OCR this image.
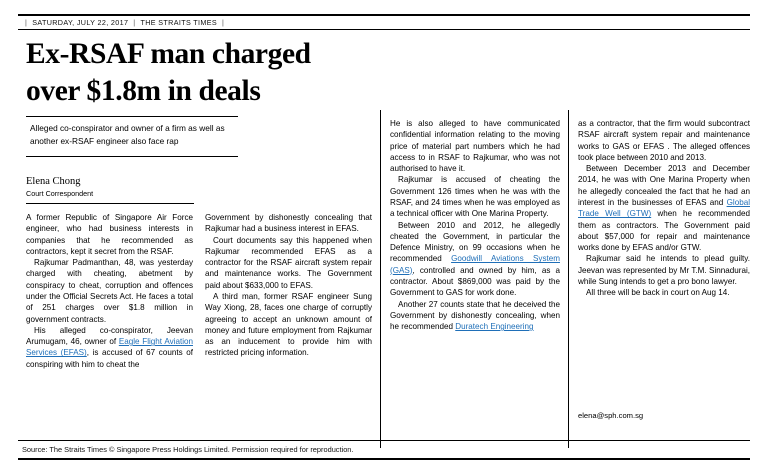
| SATURDAY, JULY 22, 2017 | THE STRAITS TIMES |
Ex-RSAF man charged
over $1.8m in deals
Alleged co-conspirator and owner of a firm as well as another ex-RSAF engineer also face rap
Elena Chong
Court Correspondent

A former Republic of Singapore Air Force engineer, who had business interests in companies that he recommended as contractors, kept it secret from the RSAF.

Rajkumar Padmanthan, 48, was yesterday charged with cheating, abetment by conspiracy to cheat, corruption and offences under the Official Secrets Act. He faces a total of 251 charges over $1.8 million in government contracts.

His alleged co-conspirator, Jeevan Arumugam, 46, owner of Eagle Flight Aviation Services (EFAS), is accused of 67 counts of conspiring with him to cheat the

Government by dishonestly concealing that Rajkumar had a business interest in EFAS.

Court documents say this happened when Rajkumar recommended EFAS as a contractor for the RSAF aircraft system repair and maintenance works. The Government paid about $633,000 to EFAS.

A third man, former RSAF engineer Sung Way Xiong, 28, faces one charge of corruptly agreeing to accept an unknown amount of money and future employment from Rajkumar as an inducement to provide him with restricted pricing information.

He is also alleged to have communicated confidential information relating to the moving price of material part numbers which he had access to in RSAF to Rajkumar, who was not authorised to have it.

Rajkumar is accused of cheating the Government 126 times when he was with the RSAF, and 24 times when he was employed as a technical officer with One Marina Property.

Between 2010 and 2012, he allegedly cheated the Government, in particular the Defence Ministry, on 99 occasions when he recommended Goodwill Aviations System (GAS), controlled and owned by him, as a contractor. About $869,000 was paid by the Government to GAS for work done.

Another 27 counts state that he deceived the Government by dishonestly concealing, when he recommended Duratech Engineering

as a contractor, that the firm would subcontract RSAF aircraft system repair and maintenance works to GAS or EFAS . The alleged offences took place between 2010 and 2013.

Between December 2013 and December 2014, he was with One Marina Property when he allegedly concealed the fact that he had an interest in the businesses of EFAS and Global Trade Well (GTW) when he recommended them as contractors. The Government paid about $57,000 for repair and maintenance works done by EFAS and/or GTW.

Rajkumar said he intends to plead guilty. Jeevan was represented by Mr T.M. Sinnadurai, while Sung intends to get a pro bono lawyer.

All three will be back in court on Aug 14.

elena@sph.com.sg
Source: The Straits Times © Singapore Press Holdings Limited. Permission required for reproduction.
